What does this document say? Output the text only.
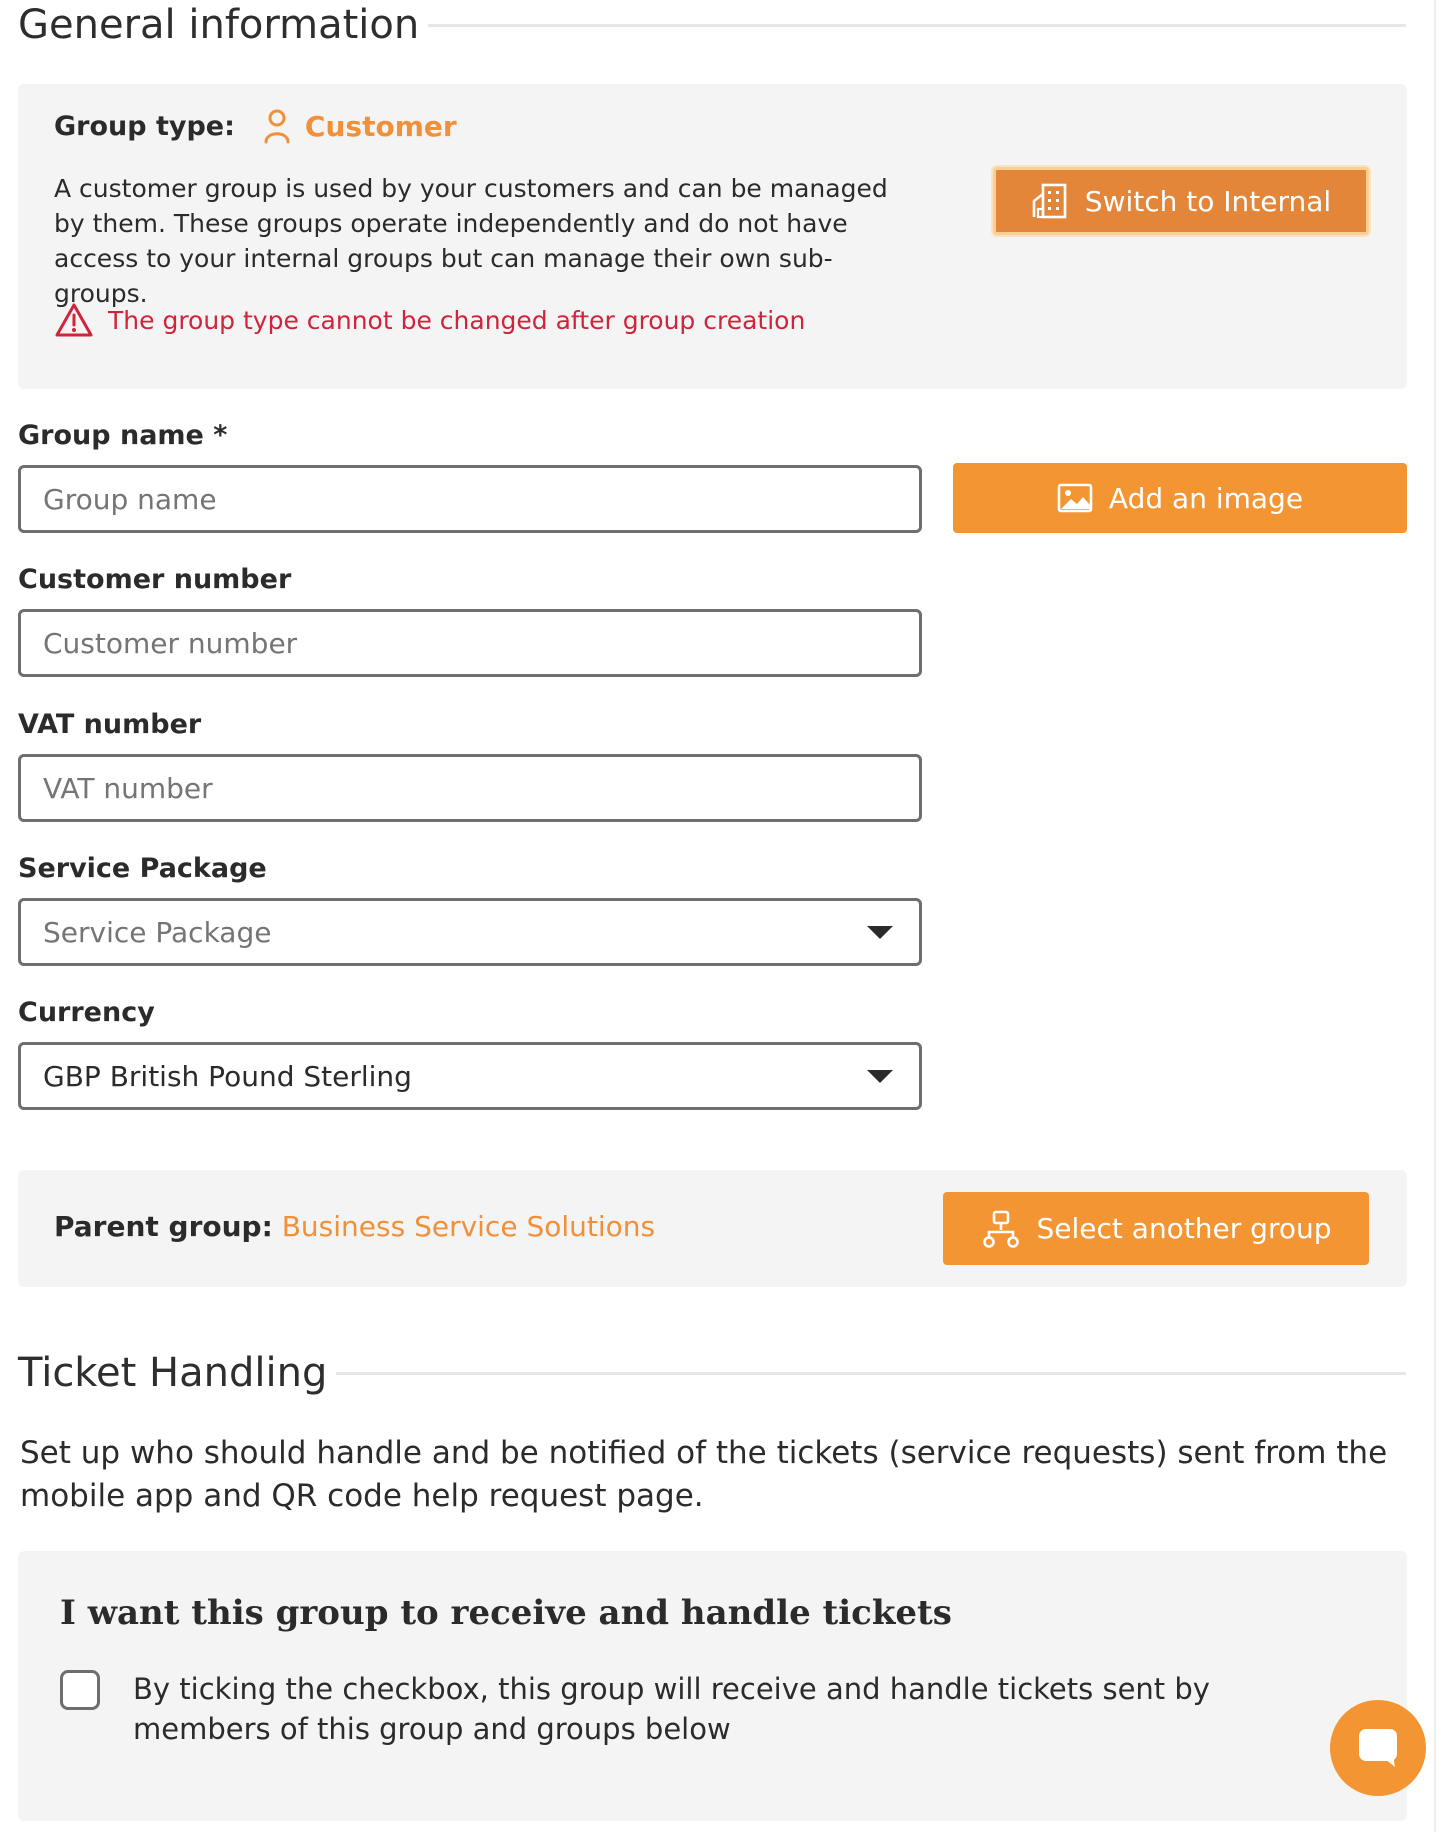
General information
Group type:	Customer
A customer group is used by your customers and can be managed by them. These groups operate independently and do not have access to your internal groups but can manage their own sub-groups.
The group type cannot be changed after group creation
Switch to Internal
Group name *
Group name
Add an image
Customer number
Customer number
VAT number
VAT number
Service Package
Service Package
Currency
GBP British Pound Sterling
Parent group: Business Service Solutions	Select another group
Ticket Handling
Set up who should handle and be notified of the tickets (service requests) sent from the mobile app and QR code help request page.
I want this group to receive and handle tickets
By ticking the checkbox, this group will receive and handle tickets sent by members of this group and groups below
